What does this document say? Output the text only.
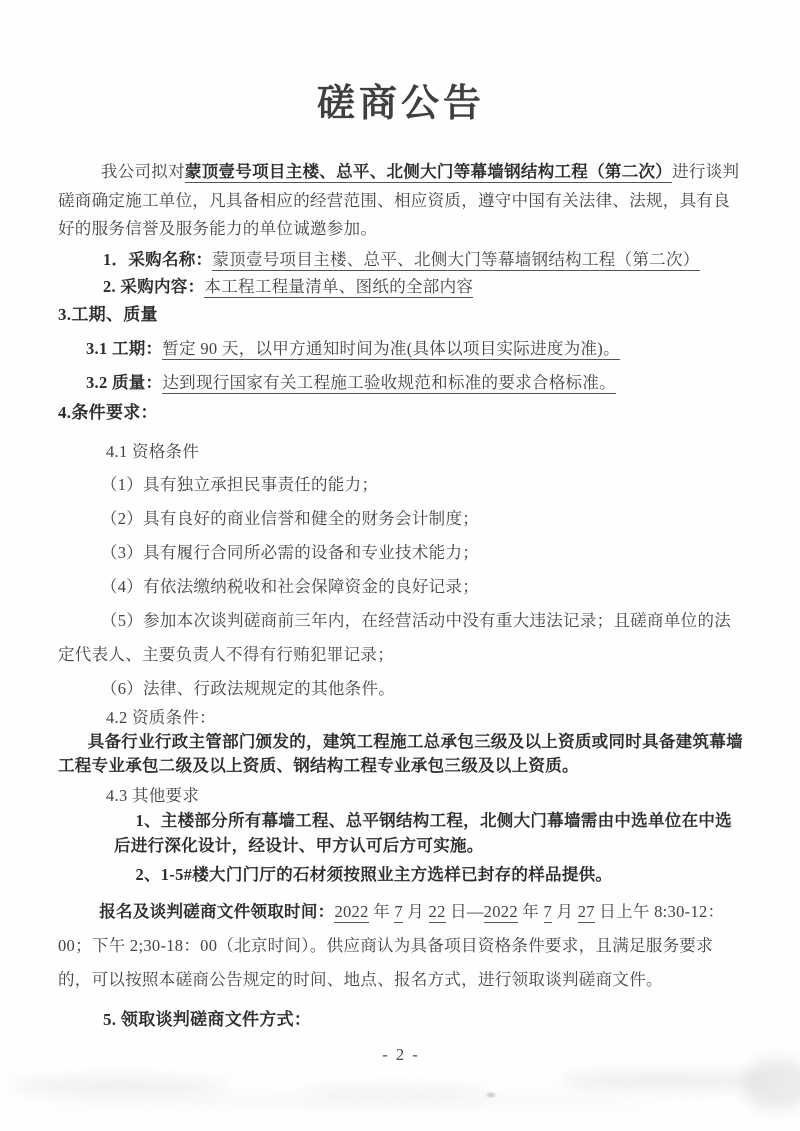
磋商公告

我公司拟对蒙顶壹号项目主楼、总平、北侧大门等幕墙钢结构工程（第二次）进行谈判磋商确定施工单位，凡具备相应的经营范围、相应资质，遵守中国有关法律、法规，具有良好的服务信誉及服务能力的单位诚邀参加。

1．采购名称：蒙顶壹号项目主楼、总平、北侧大门等幕墙钢结构工程（第二次）

2. 采购内容：本工程工程量清单、图纸的全部内容

3.工期、质量

3.1 工期：暂定 90 天，以甲方通知时间为准(具体以项目实际进度为准)。

3.2 质量：达到现行国家有关工程施工验收规范和标准的要求合格标准。

4.条件要求：

4.1 资格条件

（1）具有独立承担民事责任的能力；

（2）具有良好的商业信誉和健全的财务会计制度；

（3）具有履行合同所必需的设备和专业技术能力；

（4）有依法缴纳税收和社会保障资金的良好记录；

（5）参加本次谈判磋商前三年内，在经营活动中没有重大违法记录；且磋商单位的法定代表人、主要负责人不得有行贿犯罪记录；

（6）法律、行政法规规定的其他条件。

4.2 资质条件：

具备行业行政主管部门颁发的，建筑工程施工总承包三级及以上资质或同时具备建筑幕墙工程专业承包二级及以上资质、钢结构工程专业承包三级及以上资质。

4.3 其他要求

1、主楼部分所有幕墙工程、总平钢结构工程，北侧大门幕墙需由中选单位在中选后进行深化设计，经设计、甲方认可后方可实施。

2、1-5#楼大门门厅的石材须按照业主方选样已封存的样品提供。

报名及谈判磋商文件领取时间：2022 年 7 月 22 日—2022 年 7 月 27 日上午 8:30-12：00；下午 2;30-18：00（北京时间）。供应商认为具备项目资格条件要求，且满足服务要求的，可以按照本磋商公告规定的时间、地点、报名方式，进行领取谈判磋商文件。

5. 领取谈判磋商文件方式：

- 2 -
